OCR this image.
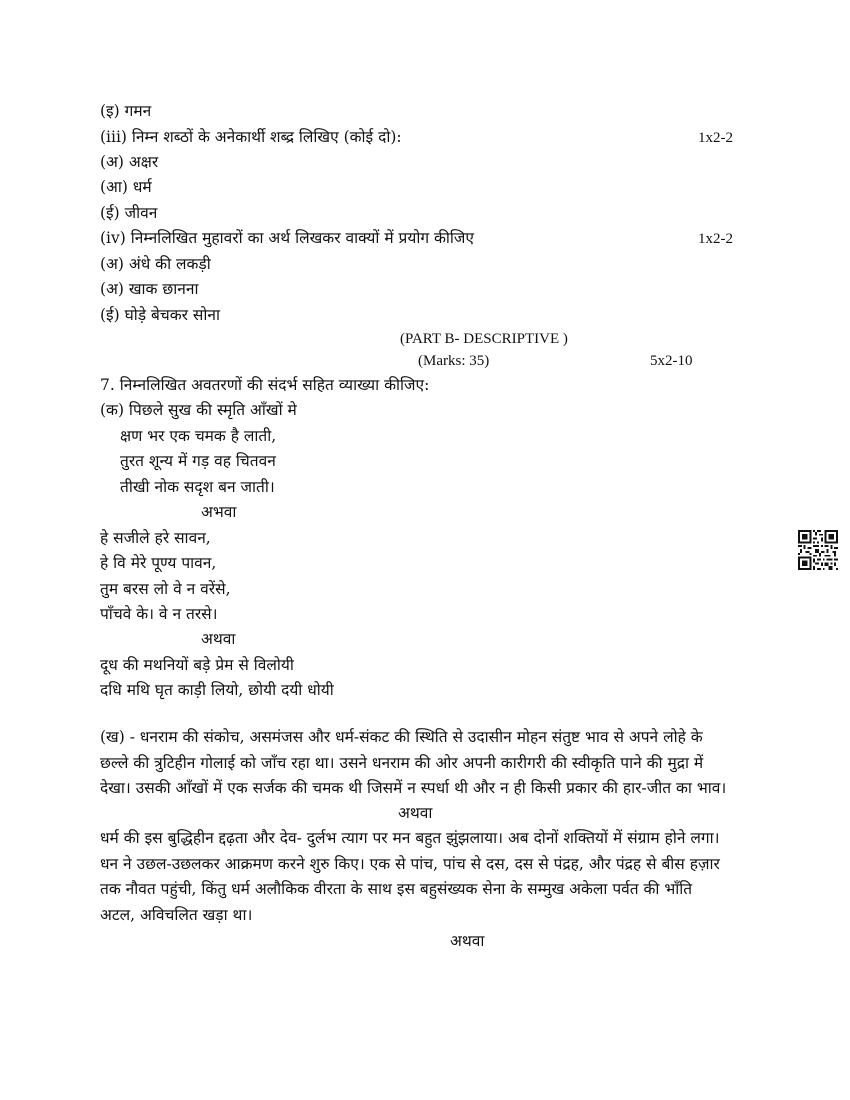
(इ) गमन
(iii) निम्न शब्ठों के अनेकार्थी शब्द्र लिखिए (कोई दो):	1x2-2
(अ) अक्षर
(आ) धर्म
(ई) जीवन
(iv) निम्नलिखित मुहावरों का अर्थ लिखकर वाक्यों में प्रयोग कीजिए	1x2-2
(अ) अंधे की लकड़ी
(अ) खाक छानना
(ई) घोड़े बेचकर सोना
(PART B- DESCRIPTIVE )
(Marks: 35)	5x2-10
7. निम्नलिखित अवतरणों की संदर्भ सहित व्याख्या कीजिए:
(क) पिछले सुख की स्मृति आँखों मे
क्षण भर एक चमक है लाती,
तुरत शून्य में गड़ वह चितवन
तीखी नोक सदृश बन जाती।
अभवा
हे सजीले हरे सावन,
हे वि मेरे पूण्य पावन,
तुम बरस लो वे न वरेंसे,
पाँचवे के। वे न तरसे।
अथवा
दूध की मथनियों बड़े प्रेम से विलोयी
दधि मथि घृत काड़ी लियो, छोयी दयी धोयी
(ख) - धनराम की संकोच, असमंजस और धर्म-संकट की स्थिति से उदासीन मोहन संतुष्ट भाव से अपने लोहे के
छल्ले की त्रुटिहीन गोलाई को जाँच रहा था। उसने धनराम की ओर अपनी कारीगरी की स्वीकृति पाने की मुद्रा में
देखा। उसकी आँखों में एक सर्जक की चमक थी जिसमें न स्पर्धा थी और न ही किसी प्रकार की हार-जीत का भाव।
अथवा
धर्म की इस बुद्धिहीन द्दढ़ता और देव- दुर्लभ त्याग पर मन बहुत झुंझलाया। अब दोनों शक्तियों में संग्राम होने लगा।
धन ने उछल-उछलकर आक्रमण करने शुरु किए। एक से पांच, पांच से दस, दस से पंद्रह, और पंद्रह से बीस हज़ार
तक नौवत पहुंची, किंतु धर्म अलौकिक वीरता के साथ इस बहुसंख्यक सेना के सम्मुख अकेला पर्वत की भाँति
अटल, अविचलित खड़ा था।
अथवा
